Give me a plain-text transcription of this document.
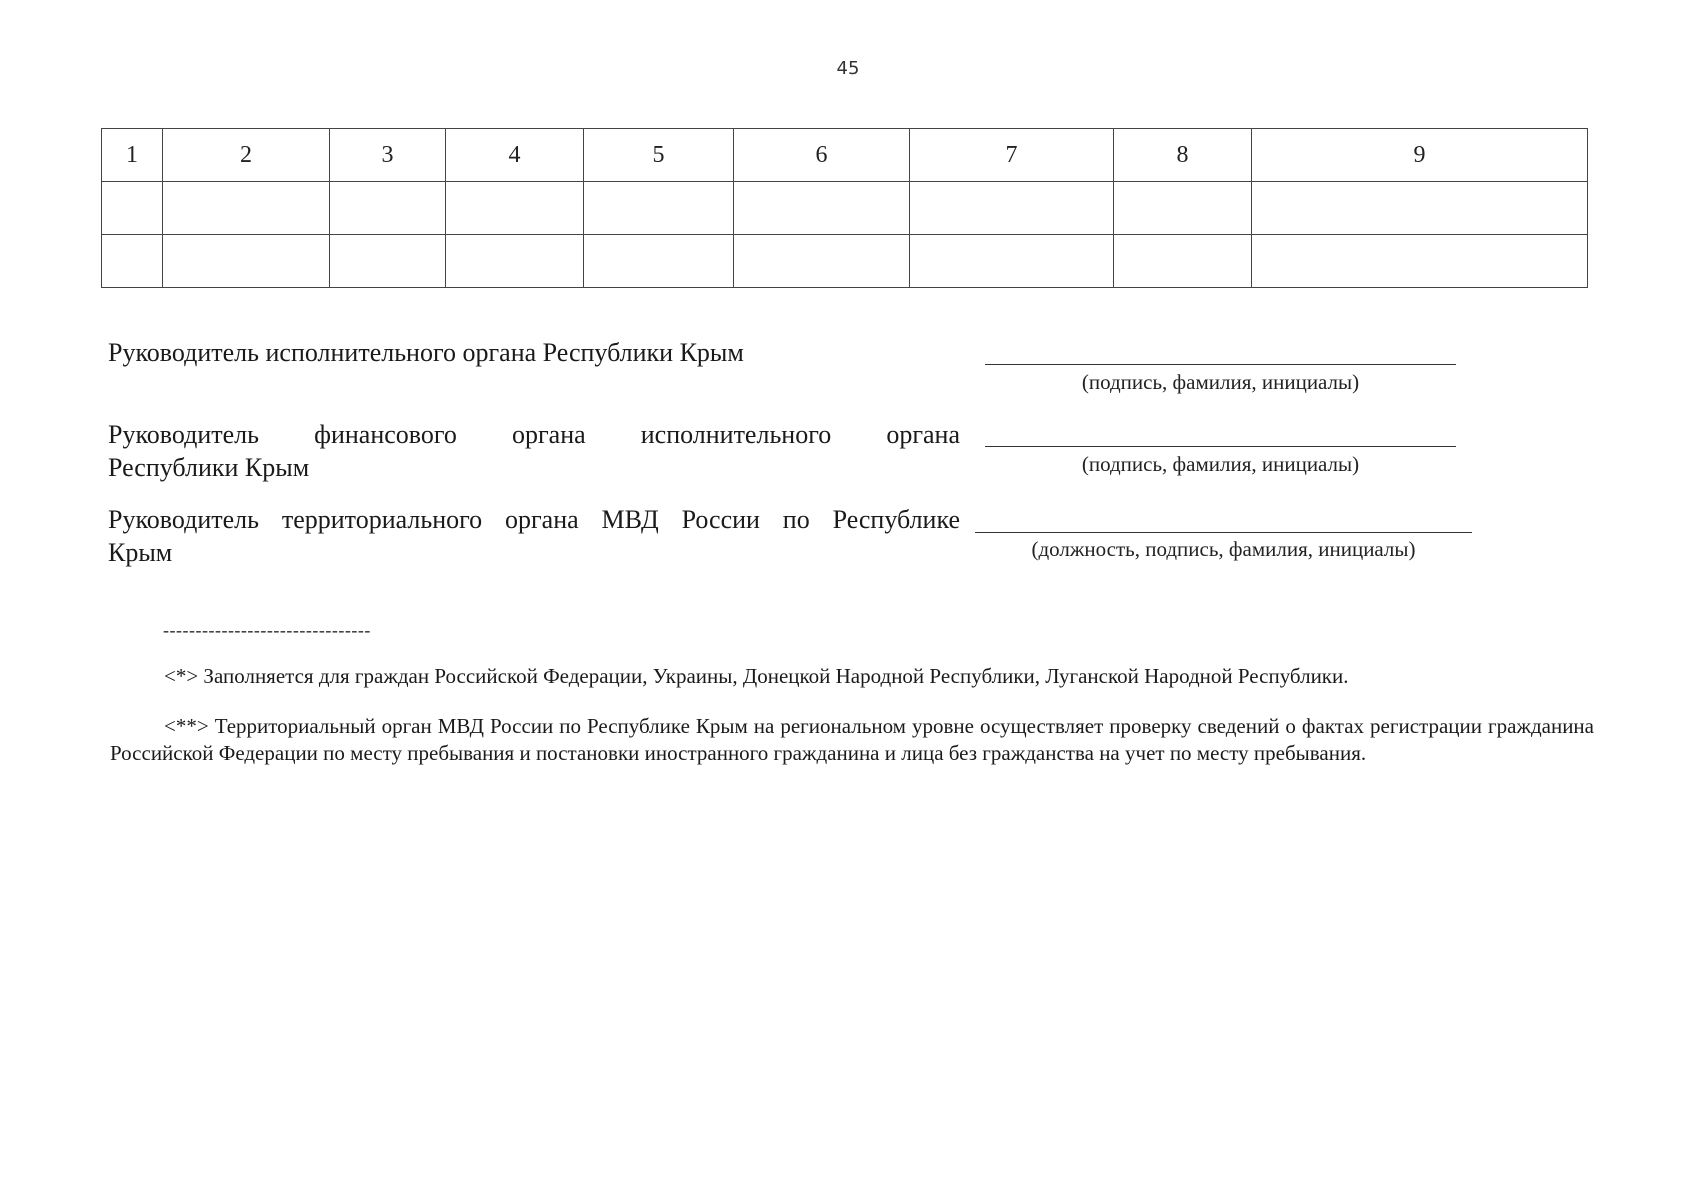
45
1	2	3	4	5	6	7	8	9

Руководитель исполнительного органа Республики Крым
(подпись, фамилия, инициалы)
Руководитель финансового органа исполнительного органа
Республики Крым	(подпись, фамилия, инициалы)
Руководитель территориального органа МВД России по Республике
Крым	(должность, подпись, фамилия, инициалы)
--------------------------------
<*> Заполняется для граждан Российской Федерации, Украины, Донецкой Народной Республики, Луганской Народной Республики.
<**> Территориальный орган МВД России по Республике Крым на региональном уровне осуществляет проверку сведений о фактах регистрации гражданина Российской Федерации по месту пребывания и постановки иностранного гражданина и лица без гражданства на учет по месту пребывания.
